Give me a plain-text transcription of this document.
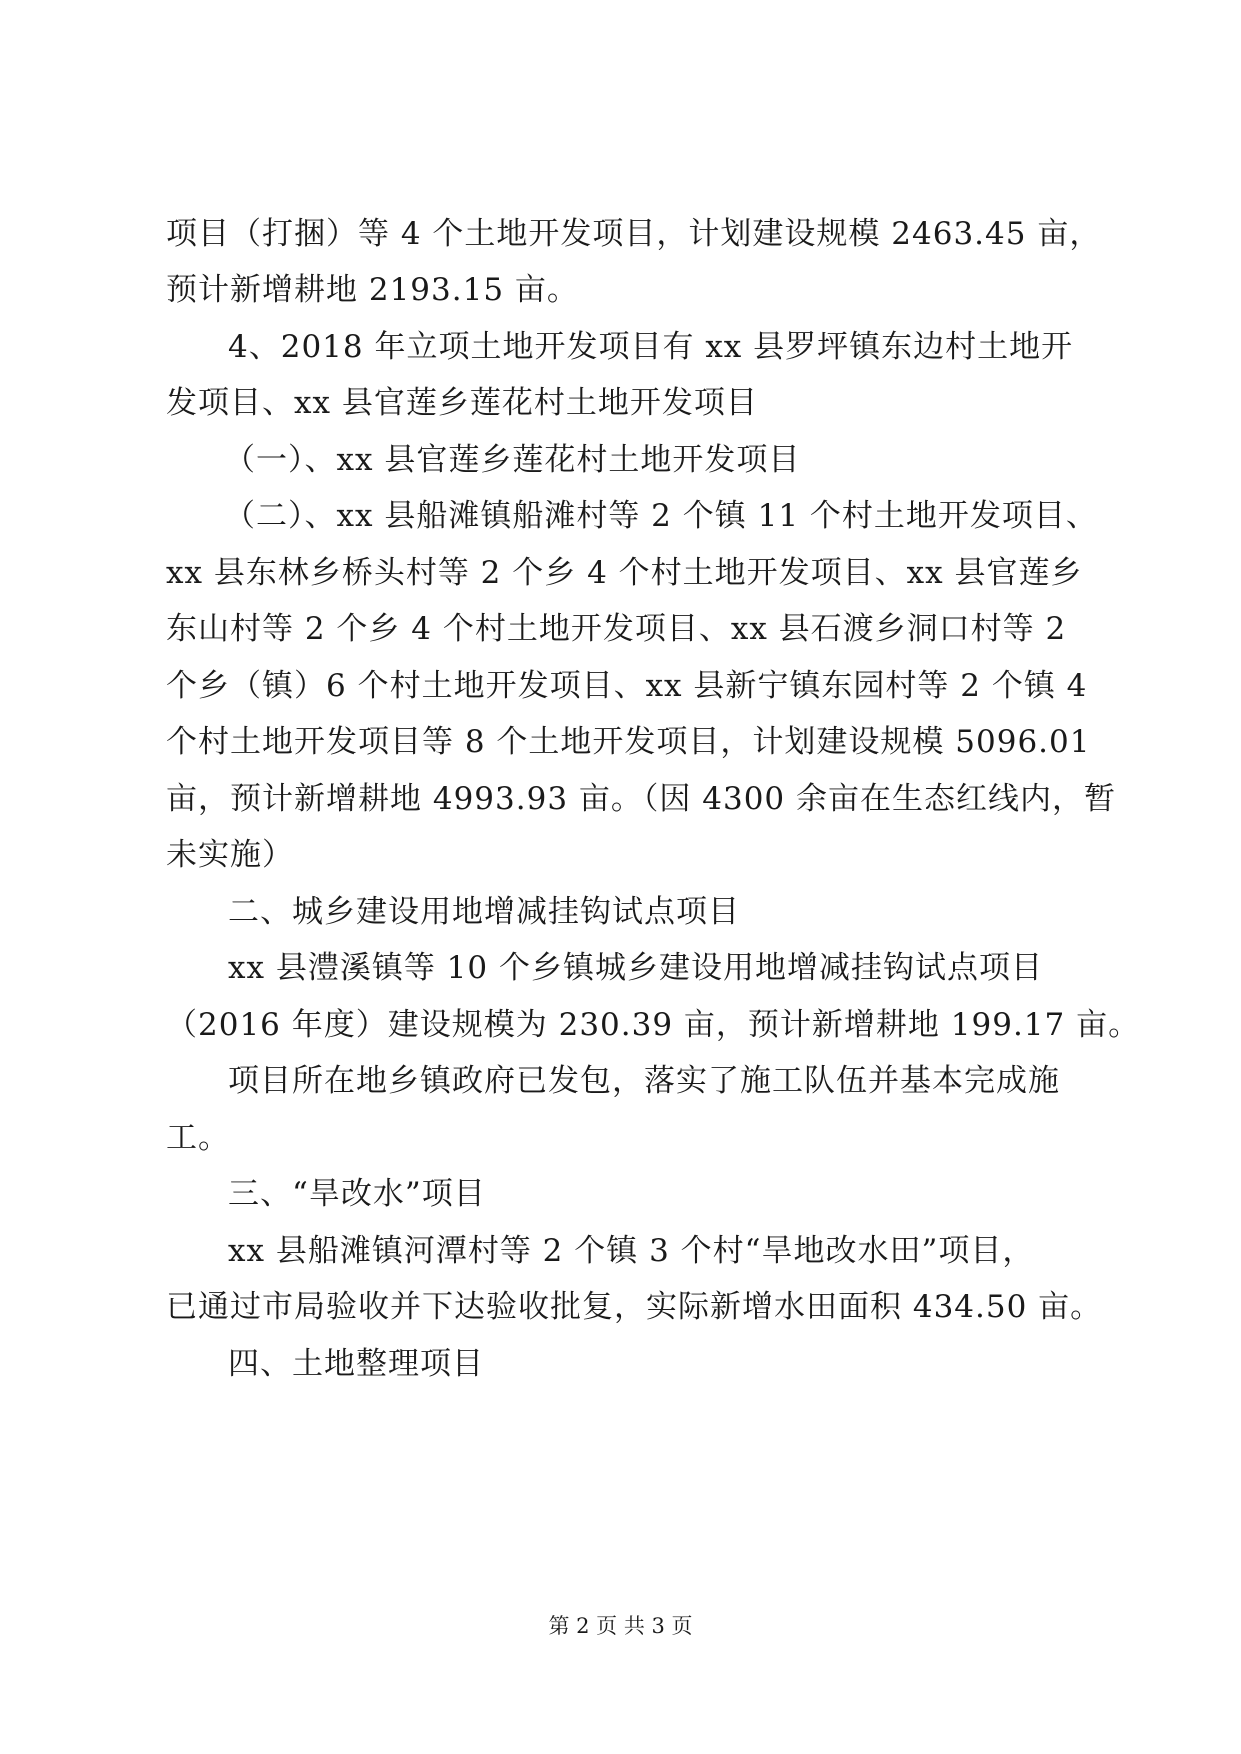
项目（打捆）等 4 个土地开发项目，计划建设规模 2463.45 亩，
预计新增耕地 2193.15 亩。
4、2018 年立项土地开发项目有 xx 县罗坪镇东边村土地开
发项目、xx 县官莲乡莲花村土地开发项目
（一）、xx 县官莲乡莲花村土地开发项目
（二）、xx 县船滩镇船滩村等 2 个镇 11 个村土地开发项目、
xx 县东林乡桥头村等 2 个乡 4 个村土地开发项目、xx 县官莲乡
东山村等 2 个乡 4 个村土地开发项目、xx 县石渡乡洞口村等 2
个乡（镇）6 个村土地开发项目、xx 县新宁镇东园村等 2 个镇 4
个村土地开发项目等 8 个土地开发项目，计划建设规模 5096.01
亩，预计新增耕地 4993.93 亩。（因 4300 余亩在生态红线内，暂
未实施）
二、城乡建设用地增减挂钩试点项目
xx 县澧溪镇等 10 个乡镇城乡建设用地增减挂钩试点项目
（2016 年度）建设规模为 230.39 亩，预计新增耕地 199.17 亩。
项目所在地乡镇政府已发包，落实了施工队伍并基本完成施
工。
三、“旱改水”项目
xx 县船滩镇河潭村等 2 个镇 3 个村“旱地改水田”项目，
已通过市局验收并下达验收批复，实际新增水田面积 434.50 亩。
四、土地整理项目
第 2 页 共 3 页
